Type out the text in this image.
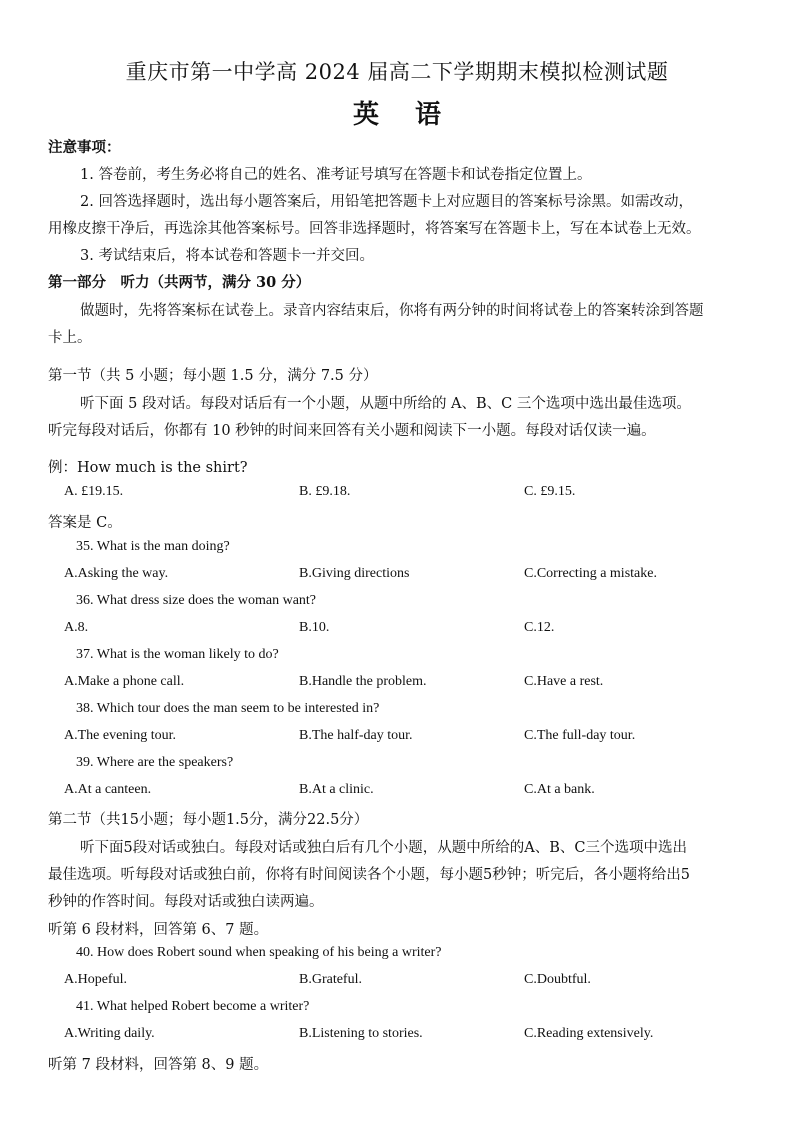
重庆市第一中学高 2024 届高二下学期期末模拟检测试题
英语
注意事项：
1. 答卷前，考生务必将自己的姓名、准考证号填写在答题卡和试卷指定位置上。
2. 回答选择题时，选出每小题答案后，用铅笔把答题卡上对应题目的答案标号涂黑。如需改动，
用橡皮擦干净后，再选涂其他答案标号。回答非选择题时，将答案写在答题卡上，写在本试卷上无效。
3. 考试结束后，将本试卷和答题卡一并交回。
第一部分　听力（共两节，满分 30 分）
做题时，先将答案标在试卷上。录音内容结束后，你将有两分钟的时间将试卷上的答案转涂到答题
卡上。
第一节（共 5 小题；每小题 1.5 分，满分 7.5 分）
听下面 5 段对话。每段对话后有一个小题，从题中所给的 A、B、C 三个选项中选出最佳选项。
听完每段对话后，你都有 10 秒钟的时间来回答有关小题和阅读下一小题。每段对话仅读一遍。
例：How much is the shirt?
A. £19.15.	B. £9.18.	C. £9.15.
答案是 C。
35. What is the man doing?
A.Asking the way.	B.Giving directions	C.Correcting a mistake.
36. What dress size does the woman want?
A.8.	B.10.	C.12.
37. What is the woman likely to do?
A.Make a phone call.	B.Handle the problem.	C.Have a rest.
38. Which tour does the man seem to be interested in?
A.The evening tour.	B.The half-day tour.	C.The full-day tour.
39. Where are the speakers?
A.At a canteen.	B.At a clinic.	C.At a bank.
第二节（共15小题；每小题1.5分，满分22.5分）
听下面5段对话或独白。每段对话或独白后有几个小题，从题中所给的A、B、C三个选项中选出
最佳选项。听每段对话或独白前，你将有时间阅读各个小题，每小题5秒钟；听完后，各小题将给出5
秒钟的作答时间。每段对话或独白读两遍。
听第 6 段材料，回答第 6、7 题。
40. How does Robert sound when speaking of his being a writer?
A.Hopeful.	B.Grateful.	C.Doubtful.
41. What helped Robert become a writer?
A.Writing daily.	B.Listening to stories.	C.Reading extensively.
听第 7 段材料，回答第 8、9 题。
